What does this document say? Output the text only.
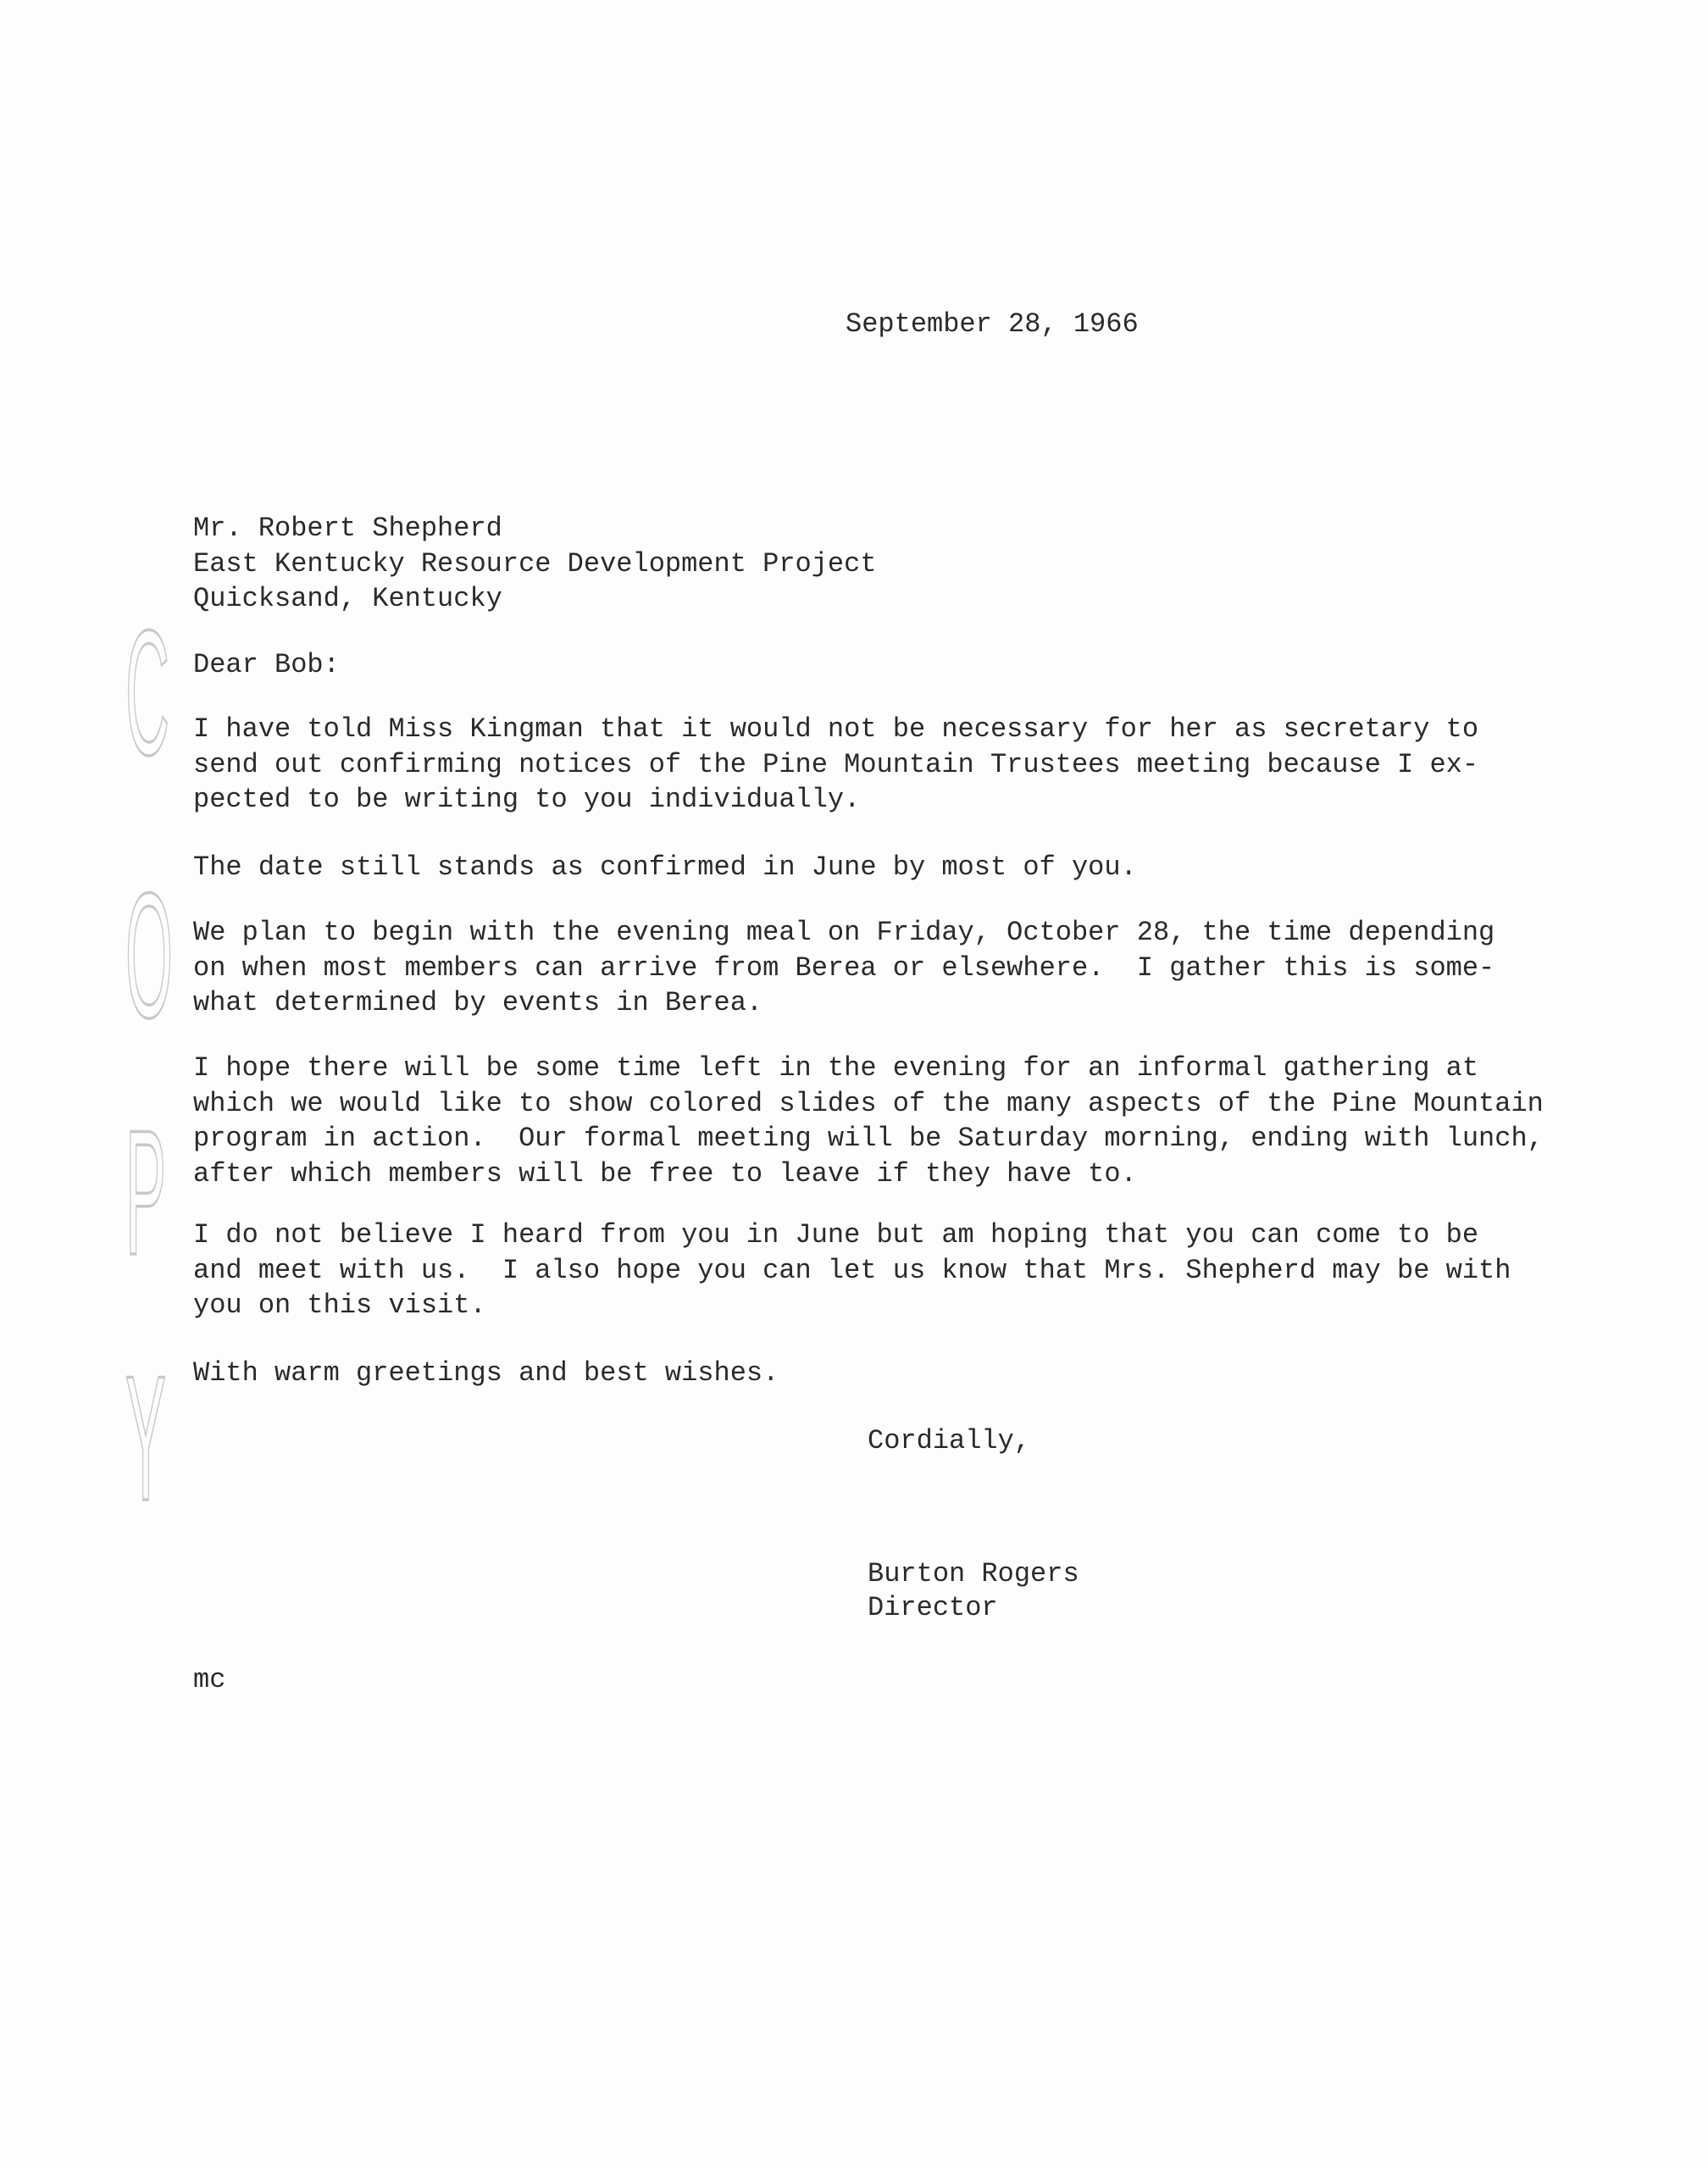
C
O
P
Y
September 28, 1966
Mr. Robert Shepherd
East Kentucky Resource Development Project
Quicksand, Kentucky
Dear Bob:
I have told Miss Kingman that it would not be necessary for her as secretary to
send out confirming notices of the Pine Mountain Trustees meeting because I ex-
pected to be writing to you individually.
The date still stands as confirmed in June by most of you.
We plan to begin with the evening meal on Friday, October 28, the time depending
on when most members can arrive from Berea or elsewhere.  I gather this is some-
what determined by events in Berea.
I hope there will be some time left in the evening for an informal gathering at
which we would like to show colored slides of the many aspects of the Pine Mountain
program in action.  Our formal meeting will be Saturday morning, ending with lunch,
after which members will be free to leave if they have to.
I do not believe I heard from you in June but am hoping that you can come to be
and meet with us.  I also hope you can let us know that Mrs. Shepherd may be with
you on this visit.
With warm greetings and best wishes.
Cordially,
Burton Rogers
Director
mc
